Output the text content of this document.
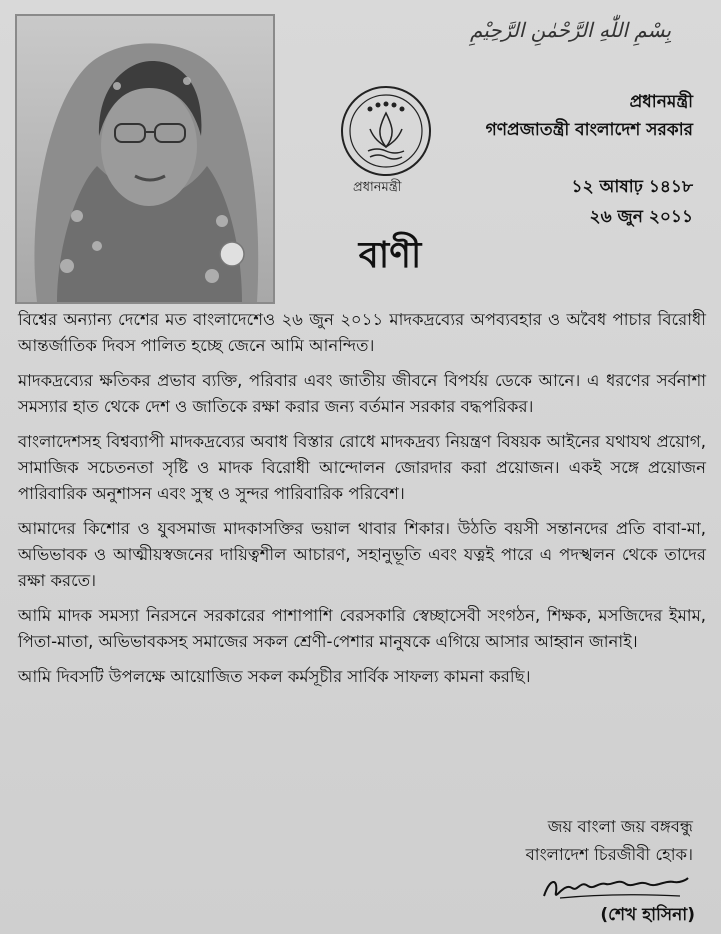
بِسْمِ اللّٰهِ الرَّحْمٰنِ الرَّحِيْمِ
প্রধানমন্ত্রী
প্রধানমন্ত্রী
গণপ্রজাতন্ত্রী বাংলাদেশ সরকার
১২ আষাঢ় ১৪১৮
২৬ জুন ২০১১
বাণী

বিশ্বের অন্যান্য দেশের মত বাংলাদেশেও ২৬ জুন ২০১১ মাদকদ্রব্যের অপব্যবহার ও অবৈধ পাচার বিরোধী আন্তর্জাতিক দিবস পালিত হচ্ছে জেনে আমি আনন্দিত।

মাদকদ্রব্যের ক্ষতিকর প্রভাব ব্যক্তি, পরিবার এবং জাতীয় জীবনে বিপর্যয় ডেকে আনে। এ ধরণের সর্বনাশা সমস্যার হাত থেকে দেশ ও জাতিকে রক্ষা করার জন্য বর্তমান সরকার বদ্ধপরিকর।

বাংলাদেশসহ বিশ্বব্যাপী মাদকদ্রব্যের অবাধ বিস্তার রোধে মাদকদ্রব্য নিয়ন্ত্রণ বিষয়ক আইনের যথাযথ প্রয়োগ, সামাজিক সচেতনতা সৃষ্টি ও মাদক বিরোধী আন্দোলন জোরদার করা প্রয়োজন। একই সঙ্গে প্রয়োজন পারিবারিক অনুশাসন এবং সুস্থ ও সুন্দর পারিবারিক পরিবেশ।

আমাদের কিশোর ও যুবসমাজ মাদকাসক্তির ভয়াল থাবার শিকার। উঠতি বয়সী সন্তানদের প্রতি বাবা-মা, অভিভাবক ও আত্মীয়স্বজনের দায়িত্বশীল আচারণ, সহানুভূতি এবং যত্নই পারে এ পদস্খলন থেকে তাদের রক্ষা করতে।

আমি মাদক সমস্যা নিরসনে সরকারের পাশাপাশি বেরসকারি স্বেচ্ছাসেবী সংগঠন, শিক্ষক, মসজিদের ইমাম, পিতা-মাতা, অভিভাবকসহ সমাজের সকল শ্রেণী-পেশার মানুষকে এগিয়ে আসার আহ্বান জানাই।

আমি দিবসটি উপলক্ষে আয়োজিত সকল কর্মসূচীর সার্বিক সাফল্য কামনা করছি।

জয় বাংলা জয় বঙ্গবন্ধু
বাংলাদেশ চিরজীবী হোক।
(শেখ হাসিনা)
